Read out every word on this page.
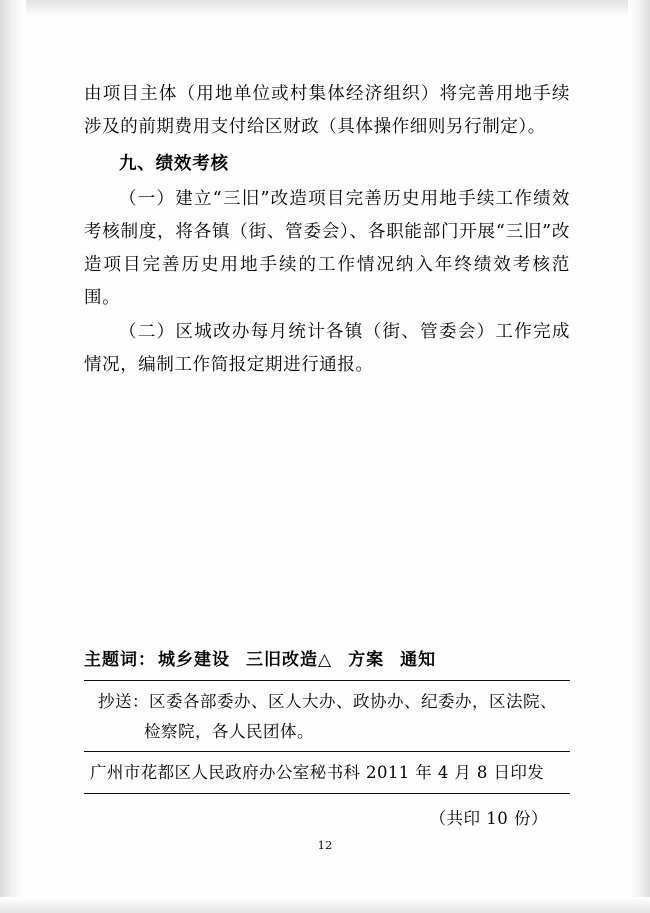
由项目主体（用地单位或村集体经济组织）将完善用地手续涉及的前期费用支付给区财政（具体操作细则另行制定）。

九、绩效考核

（一）建立“三旧”改造项目完善历史用地手续工作绩效考核制度，将各镇（街、管委会）、各职能部门开展“三旧”改造项目完善历史用地手续的工作情况纳入年终绩效考核范围。

（二）区城改办每月统计各镇（街、管委会）工作完成情况，编制工作简报定期进行通报。

主题词： 城乡建设 三旧改造△ 方案 通知
抄送：区委各部委办、区人大办、政协办、纪委办，区法院、
检察院，各人民团体。
广州市花都区人民政府办公室秘书科 2011 年 4 月 8 日印发
（共印 10 份）
12
